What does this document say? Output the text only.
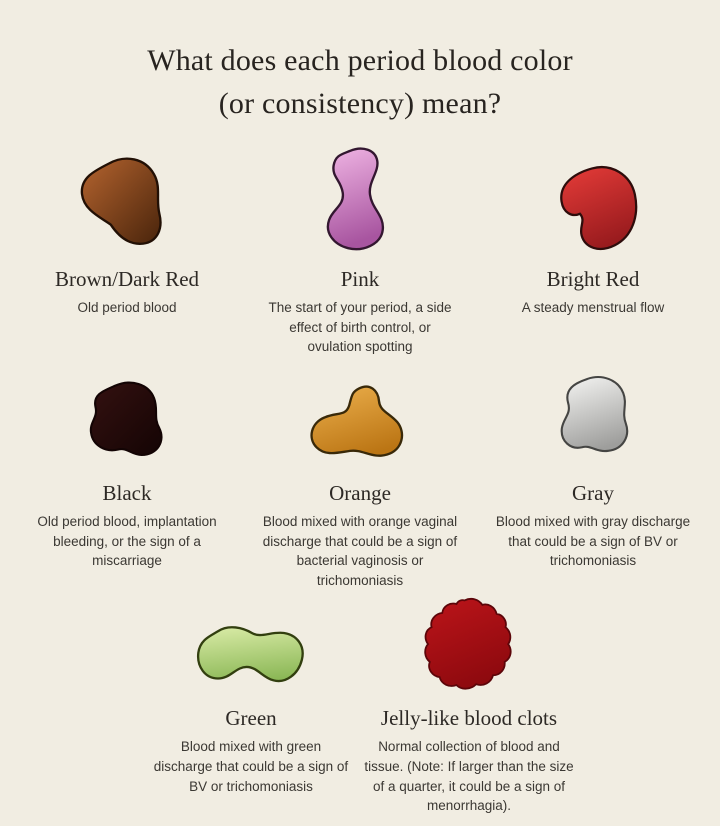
What does each period blood color
(or consistency) mean?
Brown/Dark Red
Old period blood
Pink
The start of your period, a side effect of birth control, or ovulation spotting
Bright Red
A steady menstrual flow
Black
Old period blood, implantation bleeding, or the sign of a miscarriage
Orange
Blood mixed with orange vaginal discharge that could be a sign of bacterial vaginosis or trichomoniasis
Gray
Blood mixed with gray discharge that could be a sign of BV or trichomoniasis
Green
Blood mixed with green discharge that could be a sign of BV or trichomoniasis
Jelly-like blood clots
Normal collection of blood and tissue. (Note: If larger than the size of a quarter, it could be a sign of menorrhagia).
